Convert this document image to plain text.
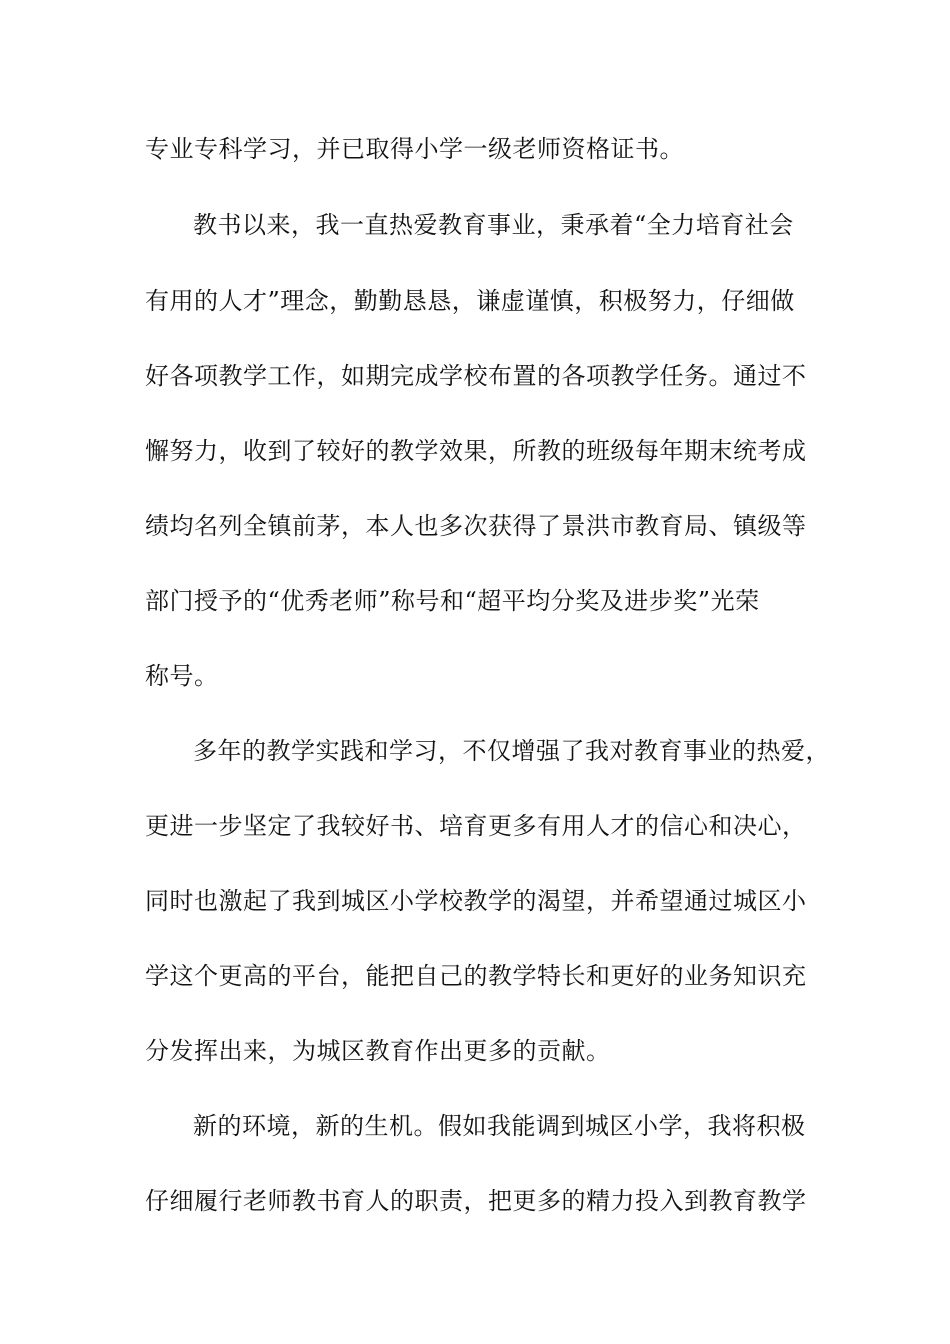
专业专科学习，并已取得小学一级老师资格证书。
教书以来，我一直热爱教育事业，秉承着“全力培育社会
有用的人才”理念，勤勤恳恳，谦虚谨慎，积极努力，仔细做
好各项教学工作，如期完成学校布置的各项教学任务。通过不
懈努力，收到了较好的教学效果，所教的班级每年期末统考成
绩均名列全镇前茅，本人也多次获得了景洪市教育局、镇级等
部门授予的“优秀老师”称号和“超平均分奖及进步奖”光荣
称号。
多年的教学实践和学习，不仅增强了我对教育事业的热爱，
更进一步坚定了我较好书、培育更多有用人才的信心和决心，
同时也激起了我到城区小学校教学的渴望，并希望通过城区小
学这个更高的平台，能把自己的教学特长和更好的业务知识充
分发挥出来，为城区教育作出更多的贡献。
新的环境，新的生机。假如我能调到城区小学，我将积极
仔细履行老师教书育人的职责，把更多的精力投入到教育教学
